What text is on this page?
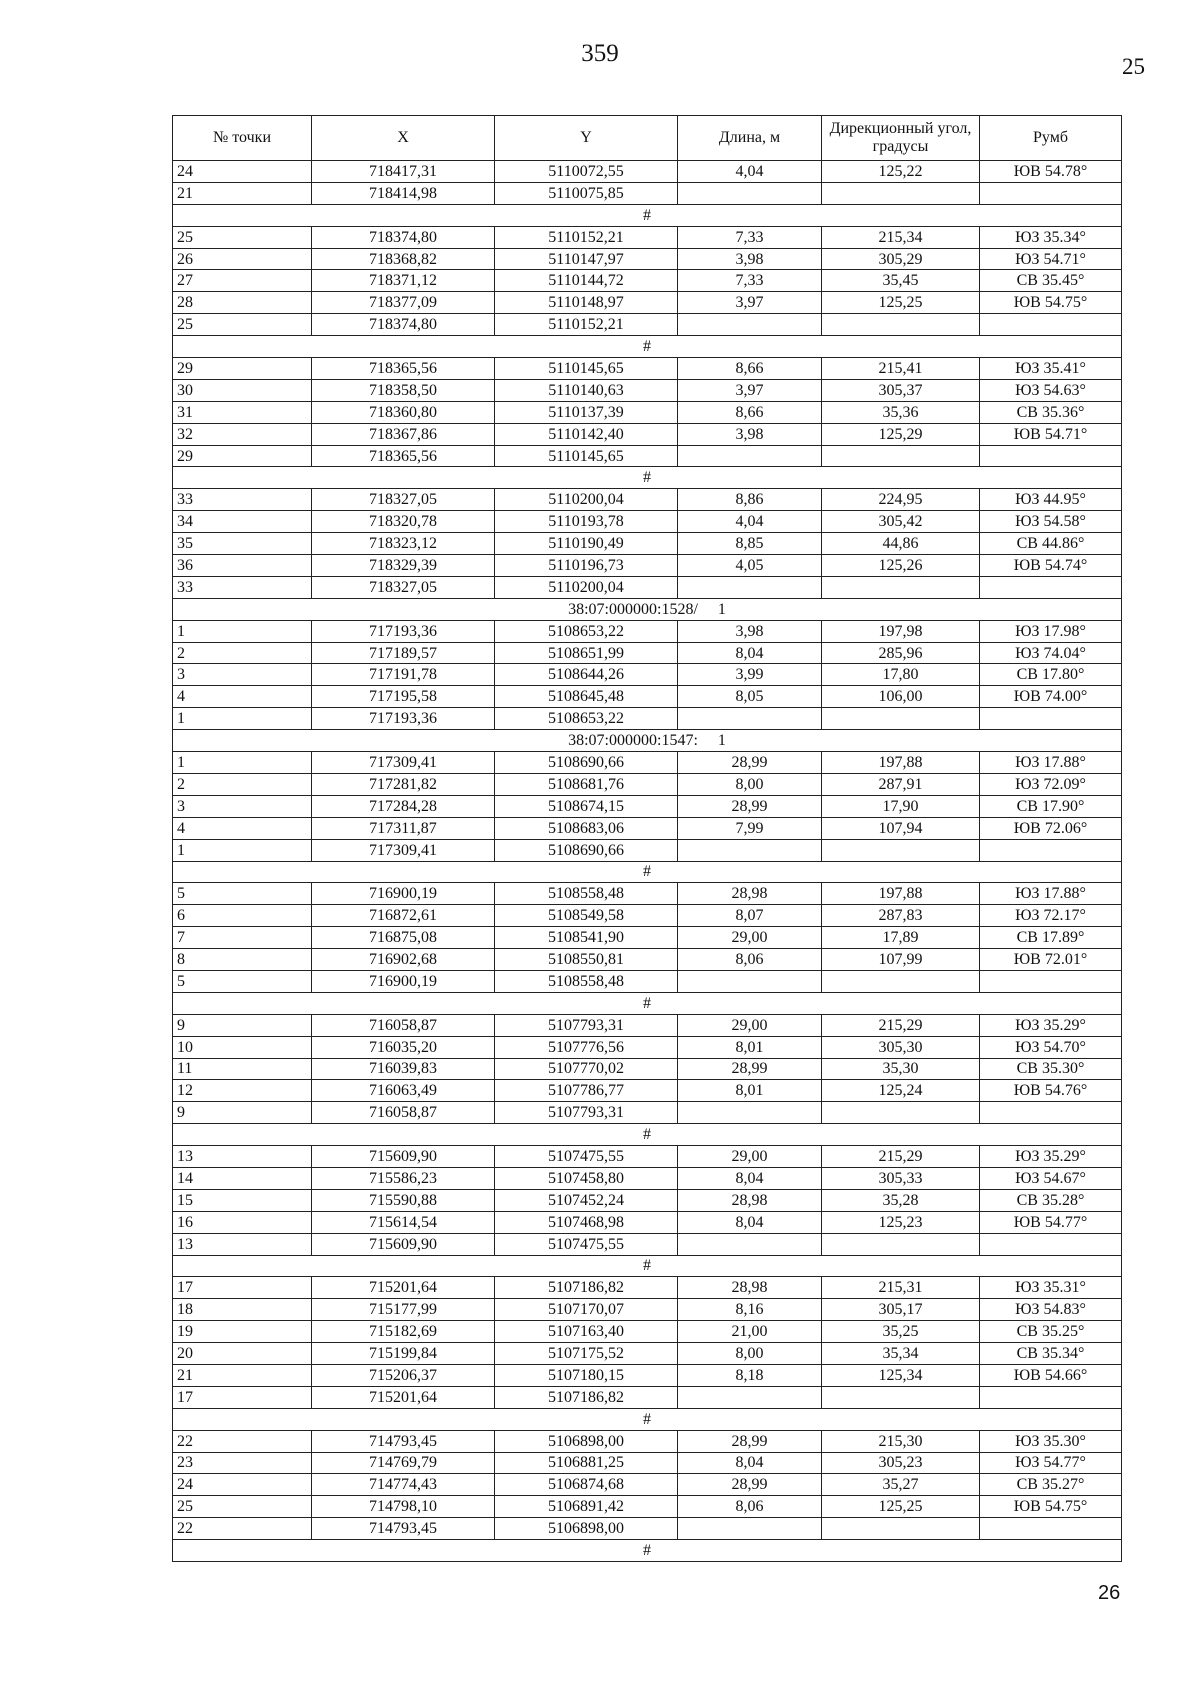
359	25
№ точки	X	Y	Длина, м	Дирекционный угол, градусы	Румб
24	718417,31	5110072,55	4,04	125,22	ЮВ 54.78°
21	718414,98	5110075,85			
#					
25	718374,80	5110152,21	7,33	215,34	ЮЗ 35.34°
26	718368,82	5110147,97	3,98	305,29	ЮЗ 54.71°
27	718371,12	5110144,72	7,33	35,45	СВ 35.45°
28	718377,09	5110148,97	3,97	125,25	ЮВ 54.75°
25	718374,80	5110152,21			
#					
29	718365,56	5110145,65	8,66	215,41	ЮЗ 35.41°
30	718358,50	5110140,63	3,97	305,37	ЮЗ 54.63°
31	718360,80	5110137,39	8,66	35,36	СВ 35.36°
32	718367,86	5110142,40	3,98	125,29	ЮВ 54.71°
29	718365,56	5110145,65			
#					
33	718327,05	5110200,04	8,86	224,95	ЮЗ 44.95°
34	718320,78	5110193,78	4,04	305,42	ЮЗ 54.58°
35	718323,12	5110190,49	8,85	44,86	СВ 44.86°
36	718329,39	5110196,73	4,05	125,26	ЮВ 54.74°
33	718327,05	5110200,04			
38:07:000000:1528/     1					
1	717193,36	5108653,22	3,98	197,98	ЮЗ 17.98°
2	717189,57	5108651,99	8,04	285,96	ЮЗ 74.04°
3	717191,78	5108644,26	3,99	17,80	СВ 17.80°
4	717195,58	5108645,48	8,05	106,00	ЮВ 74.00°
1	717193,36	5108653,22			
38:07:000000:1547:     1					
1	717309,41	5108690,66	28,99	197,88	ЮЗ 17.88°
2	717281,82	5108681,76	8,00	287,91	ЮЗ 72.09°
3	717284,28	5108674,15	28,99	17,90	СВ 17.90°
4	717311,87	5108683,06	7,99	107,94	ЮВ 72.06°
1	717309,41	5108690,66			
#					
5	716900,19	5108558,48	28,98	197,88	ЮЗ 17.88°
6	716872,61	5108549,58	8,07	287,83	ЮЗ 72.17°
7	716875,08	5108541,90	29,00	17,89	СВ 17.89°
8	716902,68	5108550,81	8,06	107,99	ЮВ 72.01°
5	716900,19	5108558,48			
#					
9	716058,87	5107793,31	29,00	215,29	ЮЗ 35.29°
10	716035,20	5107776,56	8,01	305,30	ЮЗ 54.70°
11	716039,83	5107770,02	28,99	35,30	СВ 35.30°
12	716063,49	5107786,77	8,01	125,24	ЮВ 54.76°
9	716058,87	5107793,31			
#					
13	715609,90	5107475,55	29,00	215,29	ЮЗ 35.29°
14	715586,23	5107458,80	8,04	305,33	ЮЗ 54.67°
15	715590,88	5107452,24	28,98	35,28	СВ 35.28°
16	715614,54	5107468,98	8,04	125,23	ЮВ 54.77°
13	715609,90	5107475,55			
#					
17	715201,64	5107186,82	28,98	215,31	ЮЗ 35.31°
18	715177,99	5107170,07	8,16	305,17	ЮЗ 54.83°
19	715182,69	5107163,40	21,00	35,25	СВ 35.25°
20	715199,84	5107175,52	8,00	35,34	СВ 35.34°
21	715206,37	5107180,15	8,18	125,34	ЮВ 54.66°
17	715201,64	5107186,82			
#					
22	714793,45	5106898,00	28,99	215,30	ЮЗ 35.30°
23	714769,79	5106881,25	8,04	305,23	ЮЗ 54.77°
24	714774,43	5106874,68	28,99	35,27	СВ 35.27°
25	714798,10	5106891,42	8,06	125,25	ЮВ 54.75°
22	714793,45	5106898,00			
#					
26
